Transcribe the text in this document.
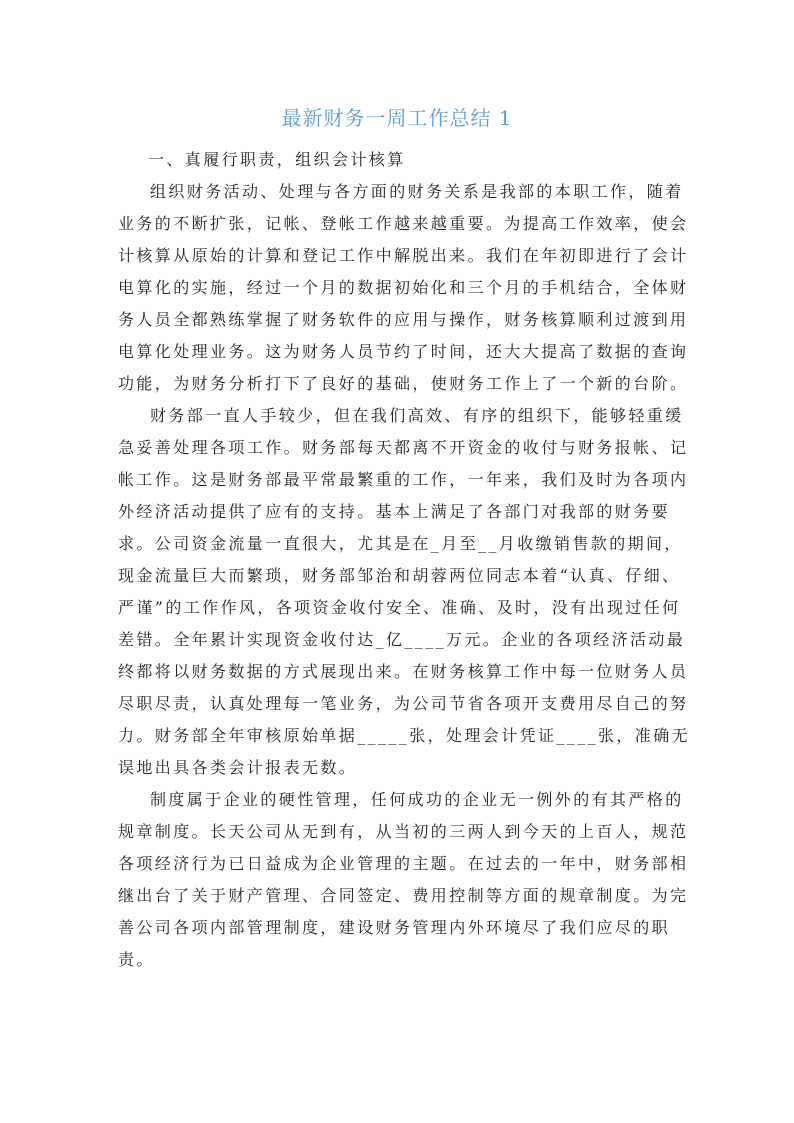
最新财务一周工作总结 1
一、真履行职责，组织会计核算
组织财务活动、处理与各方面的财务关系是我部的本职工作，随着
业务的不断扩张，记帐、登帐工作越来越重要。为提高工作效率，使会
计核算从原始的计算和登记工作中解脱出来。我们在年初即进行了会计
电算化的实施，经过一个月的数据初始化和三个月的手机结合，全体财
务人员全都熟练掌握了财务软件的应用与操作，财务核算顺利过渡到用
电算化处理业务。这为财务人员节约了时间，还大大提高了数据的查询
功能，为财务分析打下了良好的基础，使财务工作上了一个新的台阶。
财务部一直人手较少，但在我们高效、有序的组织下，能够轻重缓
急妥善处理各项工作。财务部每天都离不开资金的收付与财务报帐、记
帐工作。这是财务部最平常最繁重的工作，一年来，我们及时为各项内
外经济活动提供了应有的支持。基本上满足了各部门对我部的财务要
求。公司资金流量一直很大，尤其是在_月至__月收缴销售款的期间，
现金流量巨大而繁琐，财务部邹治和胡蓉两位同志本着“认真、仔细、
严谨”的工作作风，各项资金收付安全、准确、及时，没有出现过任何
差错。全年累计实现资金收付达_亿____万元。企业的各项经济活动最
终都将以财务数据的方式展现出来。在财务核算工作中每一位财务人员
尽职尽责，认真处理每一笔业务，为公司节省各项开支费用尽自己的努
力。财务部全年审核原始单据_____张，处理会计凭证____张，准确无
误地出具各类会计报表无数。
制度属于企业的硬性管理，任何成功的企业无一例外的有其严格的
规章制度。长天公司从无到有，从当初的三两人到今天的上百人，规范
各项经济行为已日益成为企业管理的主题。在过去的一年中，财务部相
继出台了关于财产管理、合同签定、费用控制等方面的规章制度。为完
善公司各项内部管理制度，建设财务管理内外环境尽了我们应尽的职
责。
